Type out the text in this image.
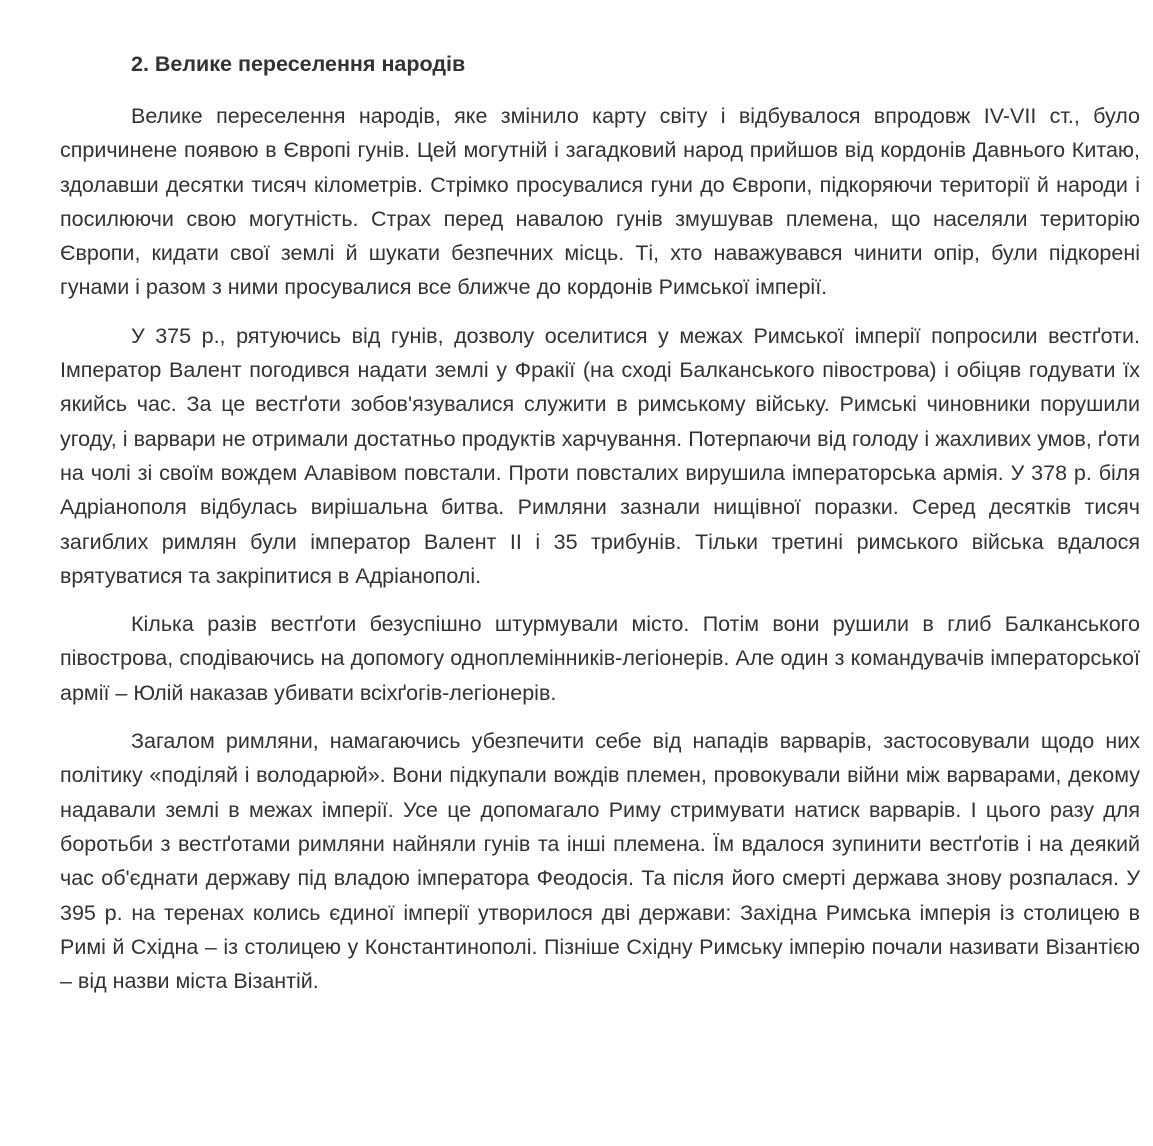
2. Велике переселення народів

Велике переселення народів, яке змінило карту світу і відбувалося впродовж IV-VII ст., було спричинене появою в Європі гунів. Цей могутній і загадковий народ прийшов від кордонів Давнього Китаю, здолавши десятки тисяч кілометрів. Стрімко просувалися гуни до Європи, підкоряючи території й народи і посилюючи свою могутність. Страх перед навалою гунів змушував племена, що населяли територію Європи, кидати свої землі й шукати безпечних місць. Ті, хто наважувався чинити опір, були підкорені гунами і разом з ними просувалися все ближче до кордонів Римської імперії.

У 375 р., рятуючись від гунів, дозволу оселитися у межах Римської імперії попросили вестґоти. Імператор Валент погодився надати землі у Фракії (на сході Балканського півострова) і обіцяв годувати їх якийсь час. За це вестґоти зобов'язувалися служити в римському війську. Римські чиновники порушили угоду, і варвари не отримали достатньо продуктів харчування. Потерпаючи від голоду і жахливих умов, ґоти на чолі зі своїм вождем Алавівом повстали. Проти повсталих вирушила імператорська армія. У 378 р. біля Адріанополя відбулась вирішальна битва. Римляни зазнали нищівної поразки. Серед десятків тисяч загиблих римлян були імператор Валент II і 35 трибунів. Тільки третині римського війська вдалося врятуватися та закріпитися в Адріанополі.

Кілька разів вестґоти безуспішно штурмували місто. Потім вони рушили в глиб Балканського півострова, сподіваючись на допомогу одноплемінників-легіонерів. Але один з командувачів імператорської армії – Юлій наказав убивати всіхґогів-легіонерів.

Загалом римляни, намагаючись убезпечити себе від нападів варварів, застосовували щодо них політику «поділяй і володарюй». Вони підкупали вождів племен, провокували війни між варварами, декому надавали землі в межах імперії. Усе це допомагало Риму стримувати натиск варварів. І цього разу для боротьби з вестґотами римляни найняли гунів та інші племена. Їм вдалося зупинити вестґотів і на деякий час об'єднати державу під владою імператора Феодосія. Та після його смерті держава знову розпалася. У 395 р. на теренах колись єдиної імперії утворилося дві держави: Західна Римська імперія із столицею в Римі й Східна – із столицею у Константинополі. Пізніше Східну Римську імперію почали називати Візантією – від назви міста Візантій.
